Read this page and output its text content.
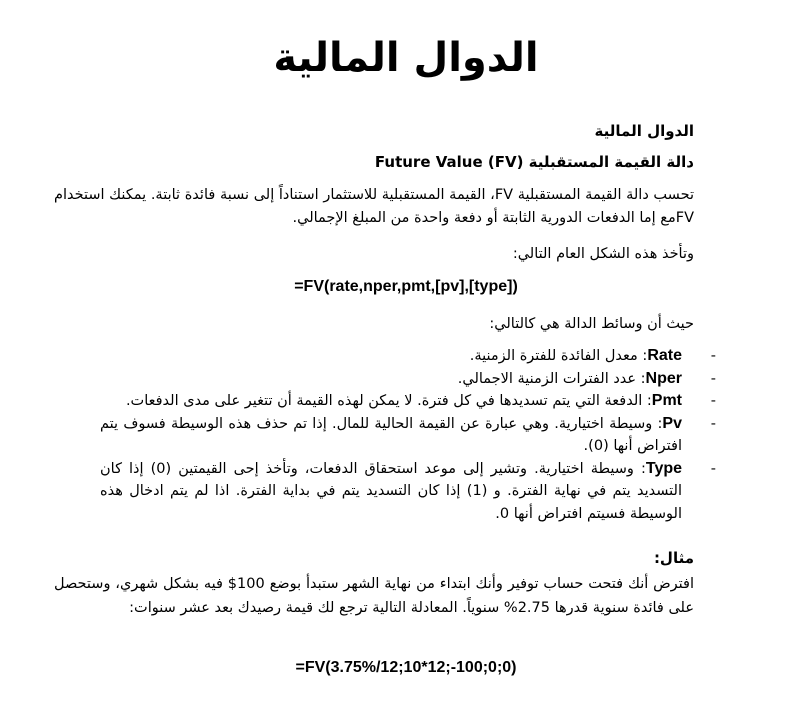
الدوال المالية
الدوال المالية
دالة القيمة المستقبلية (FV) Future Value
تحسب دالة القيمة المستقبلية FV، القيمة المستقبلية للاستثمار استناداً إلى نسبة فائدة ثابتة. يمكنك استخدام FVمع إما الدفعات الدورية الثابتة أو دفعة واحدة من المبلغ الإجمالي.
وتأخذ هذه الشكل العام التالي:
=FV(rate,nper,pmt,[pv],[type])
حيث أن وسائط الدالة هي كالتالي:
-
Rate: معدل الفائدة للفترة الزمنية.
-
Nper: عدد الفترات الزمنية الاجمالي.
-
Pmt: الدفعة التي يتم تسديدها في كل فترة. لا يمكن لهذه القيمة أن تتغير على مدى الدفعات.
-
Pv: وسيطة اختيارية. وهي عبارة عن القيمة الحالية للمال. إذا تم حذف هذه الوسيطة فسوف يتم افتراض أنها (0).
-
Type: وسيطة اختيارية. وتشير إلى موعد استحقاق الدفعات، وتأخذ إحى القيمتين (0) إذا كان التسديد يتم في نهاية الفترة. و (1) إذا كان التسديد يتم في بداية الفترة. اذا لم يتم ادخال هذه الوسيطة فسيتم افتراض أنها 0.
مثال:
افترض أنك فتحت حساب توفير وأنك ابتداء من نهاية الشهر ستبدأ بوضع 100$ فيه بشكل شهري، وستحصل على فائدة سنوية قدرها 2.75% سنوياً. المعادلة التالية ترجع لك قيمة رصيدك بعد عشر سنوات:
=FV(3.75%/12;10*12;-100;0;0)
